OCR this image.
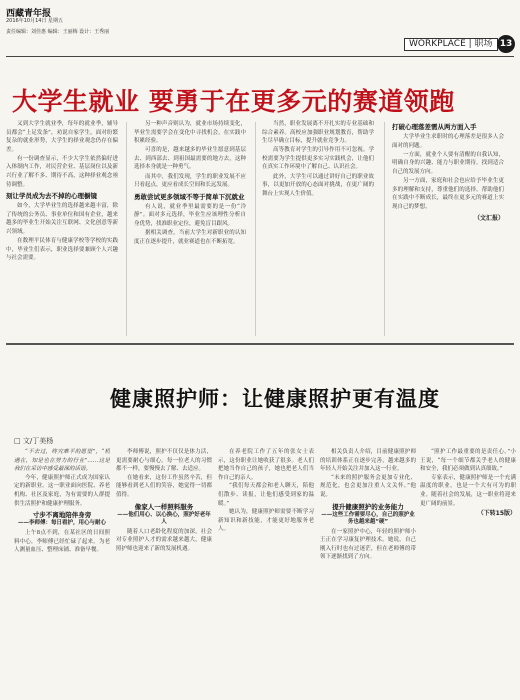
西藏青年报
2016年10月14日 星期五
责任编辑：刘佳惠 编辑：王丽梅 设计：王秀丽
WORKPLACE | 职场 13
大学生就业 要勇于在更多元的赛道领跑

又到大学生就业季，每年的就业季，辅导员都会“上足发条”，劝说自家学生，面对纷繁复杂的就业形势，大学生的择业观念仍存在偏差。

有一份调查显示，不少大学生依然偏好进入体制内工作，对民营企业、基层岗位以及新兴行业了解不多、期待不高，这种择业观念亟待调整。

刻让学员成为去不掉的心理橱镜

如今，大学毕业生的选择越来越丰富，除了传统的公务员、事业单位和国有企业，越来越多的毕业生开始关注互联网、文化创意等新兴领域。

在数理平民体育与健康学校等学校的实践中，毕业生们表示，职业选择要兼顾个人兴趣与社会需要。

另一种声音则认为，就业市场持续变化，毕业生需要学会在变化中寻找机会，在实践中积累经验。

可喜的是，越来越多的毕业生愿意到基层去、到西部去、到祖国最需要的地方去，这种选择本身就是一种勇气。

而其中，我们发现，学生的职业发展不应只看起点，更应看成长空间和长远发展。

勇敢尝试更多领域不等于简单下沉就业

有人说，就业季里最需要的是一份“冷静”。面对多元选择，毕业生应该理性分析自身优势，找准职业定位，避免盲目跟风。

据相关调查，当前大学生对新职业的认知度正在逐步提升，就业赛道也在不断拓宽。

当然，职业发展离不开扎实的专业基础和综合素养。高校应加强职业规划教育，帮助学生尽早确立目标，提升就业竞争力。

高等教育对学生的引导作用不可忽视。学校需要为学生提供更多实习实践机会，让他们在真实工作环境中了解自己、认识社会。

此外，大学生可以通过讲好自己的职业故事，以更加开放的心态面对挑战，在更广阔的舞台上实现人生价值。

打破心理落差需从两方面入手

大学毕业生求职时的心理落差是很多人会面对的问题。

一方面，就业个人要有清醒的自我认知，明确自身的兴趣、能力与职业期待，找到适合自己的发展方向。

另一方面，家庭和社会也应给予毕业生更多的理解和支持，尊重他们的选择，帮助他们在实践中不断成长，最终在更多元的赛道上实现自己的梦想。

（文汇报）
健康照护师：让健康照护更有温度
□ 文/丁美杨

“不去过，终究难平的愿望”，“机遇在，知是也在努力的行业”……这是我们在采访中感受最深的话语。

今年，健康照护师正式成为国家认定的新职业。这一职业面向医院、养老机构、社区及家庭，为有需要的人群提供生活照护和健康护理服务。

寸步不离地陪伴身旁
——李师傅：每日看护，用心与耐心

上午8点不到，在某社区的日间照料中心，李师傅已经忙碌了起来，为老人测量血压、整理床铺、准备早餐。

李师傅说，照护不仅仅是体力活，更需要耐心与细心。每一位老人的习惯都不一样，要慢慢去了解、去适应。

在她看来，这份工作虽然辛苦，但能够看到老人们的笑容，她觉得一切都值得。

像家人一样照料服务
——他们用心、以心换心，照护好老年人

随着人口老龄化程度的加深，社会对专业照护人才的需求越来越大，健康照护师也迎来了新的发展机遇。

在养老院工作了五年的张女士表示，这份职业让她收获了很多。老人们把她当作自己的孩子，她也把老人们当作自己的亲人。

“我们每天都会和老人聊天，陪他们散步、读报，让他们感受到家的温暖。”

她认为，健康照护师需要不断学习新知识和新技能，才能更好地服务老人。

相关负责人介绍，目前健康照护师的培训体系正在逐步完善，越来越多的年轻人开始关注并加入这一行业。

“未来的照护服务会更加专业化、规范化，也会更加注重人文关怀。”他说。

提升健康照护的业务能力
——这些工作需要尽心，自己的照护业务也越来越“硬”

在一家照护中心，年轻的照护师小王正在学习康复护理技术。她说，自己刚入行时也有过迷茫，但在老师傅的带领下逐渐找到了方向。

“照护工作最重要的是责任心。”小王说，“每一个细节都关乎老人的健康和安全，我们必须做到认真细致。”

专家表示，健康照护师是一个充满温度的职业，也是一个大有可为的职业。随着社会的发展，这一职业将迎来更广阔的前景。

（下转15版）
